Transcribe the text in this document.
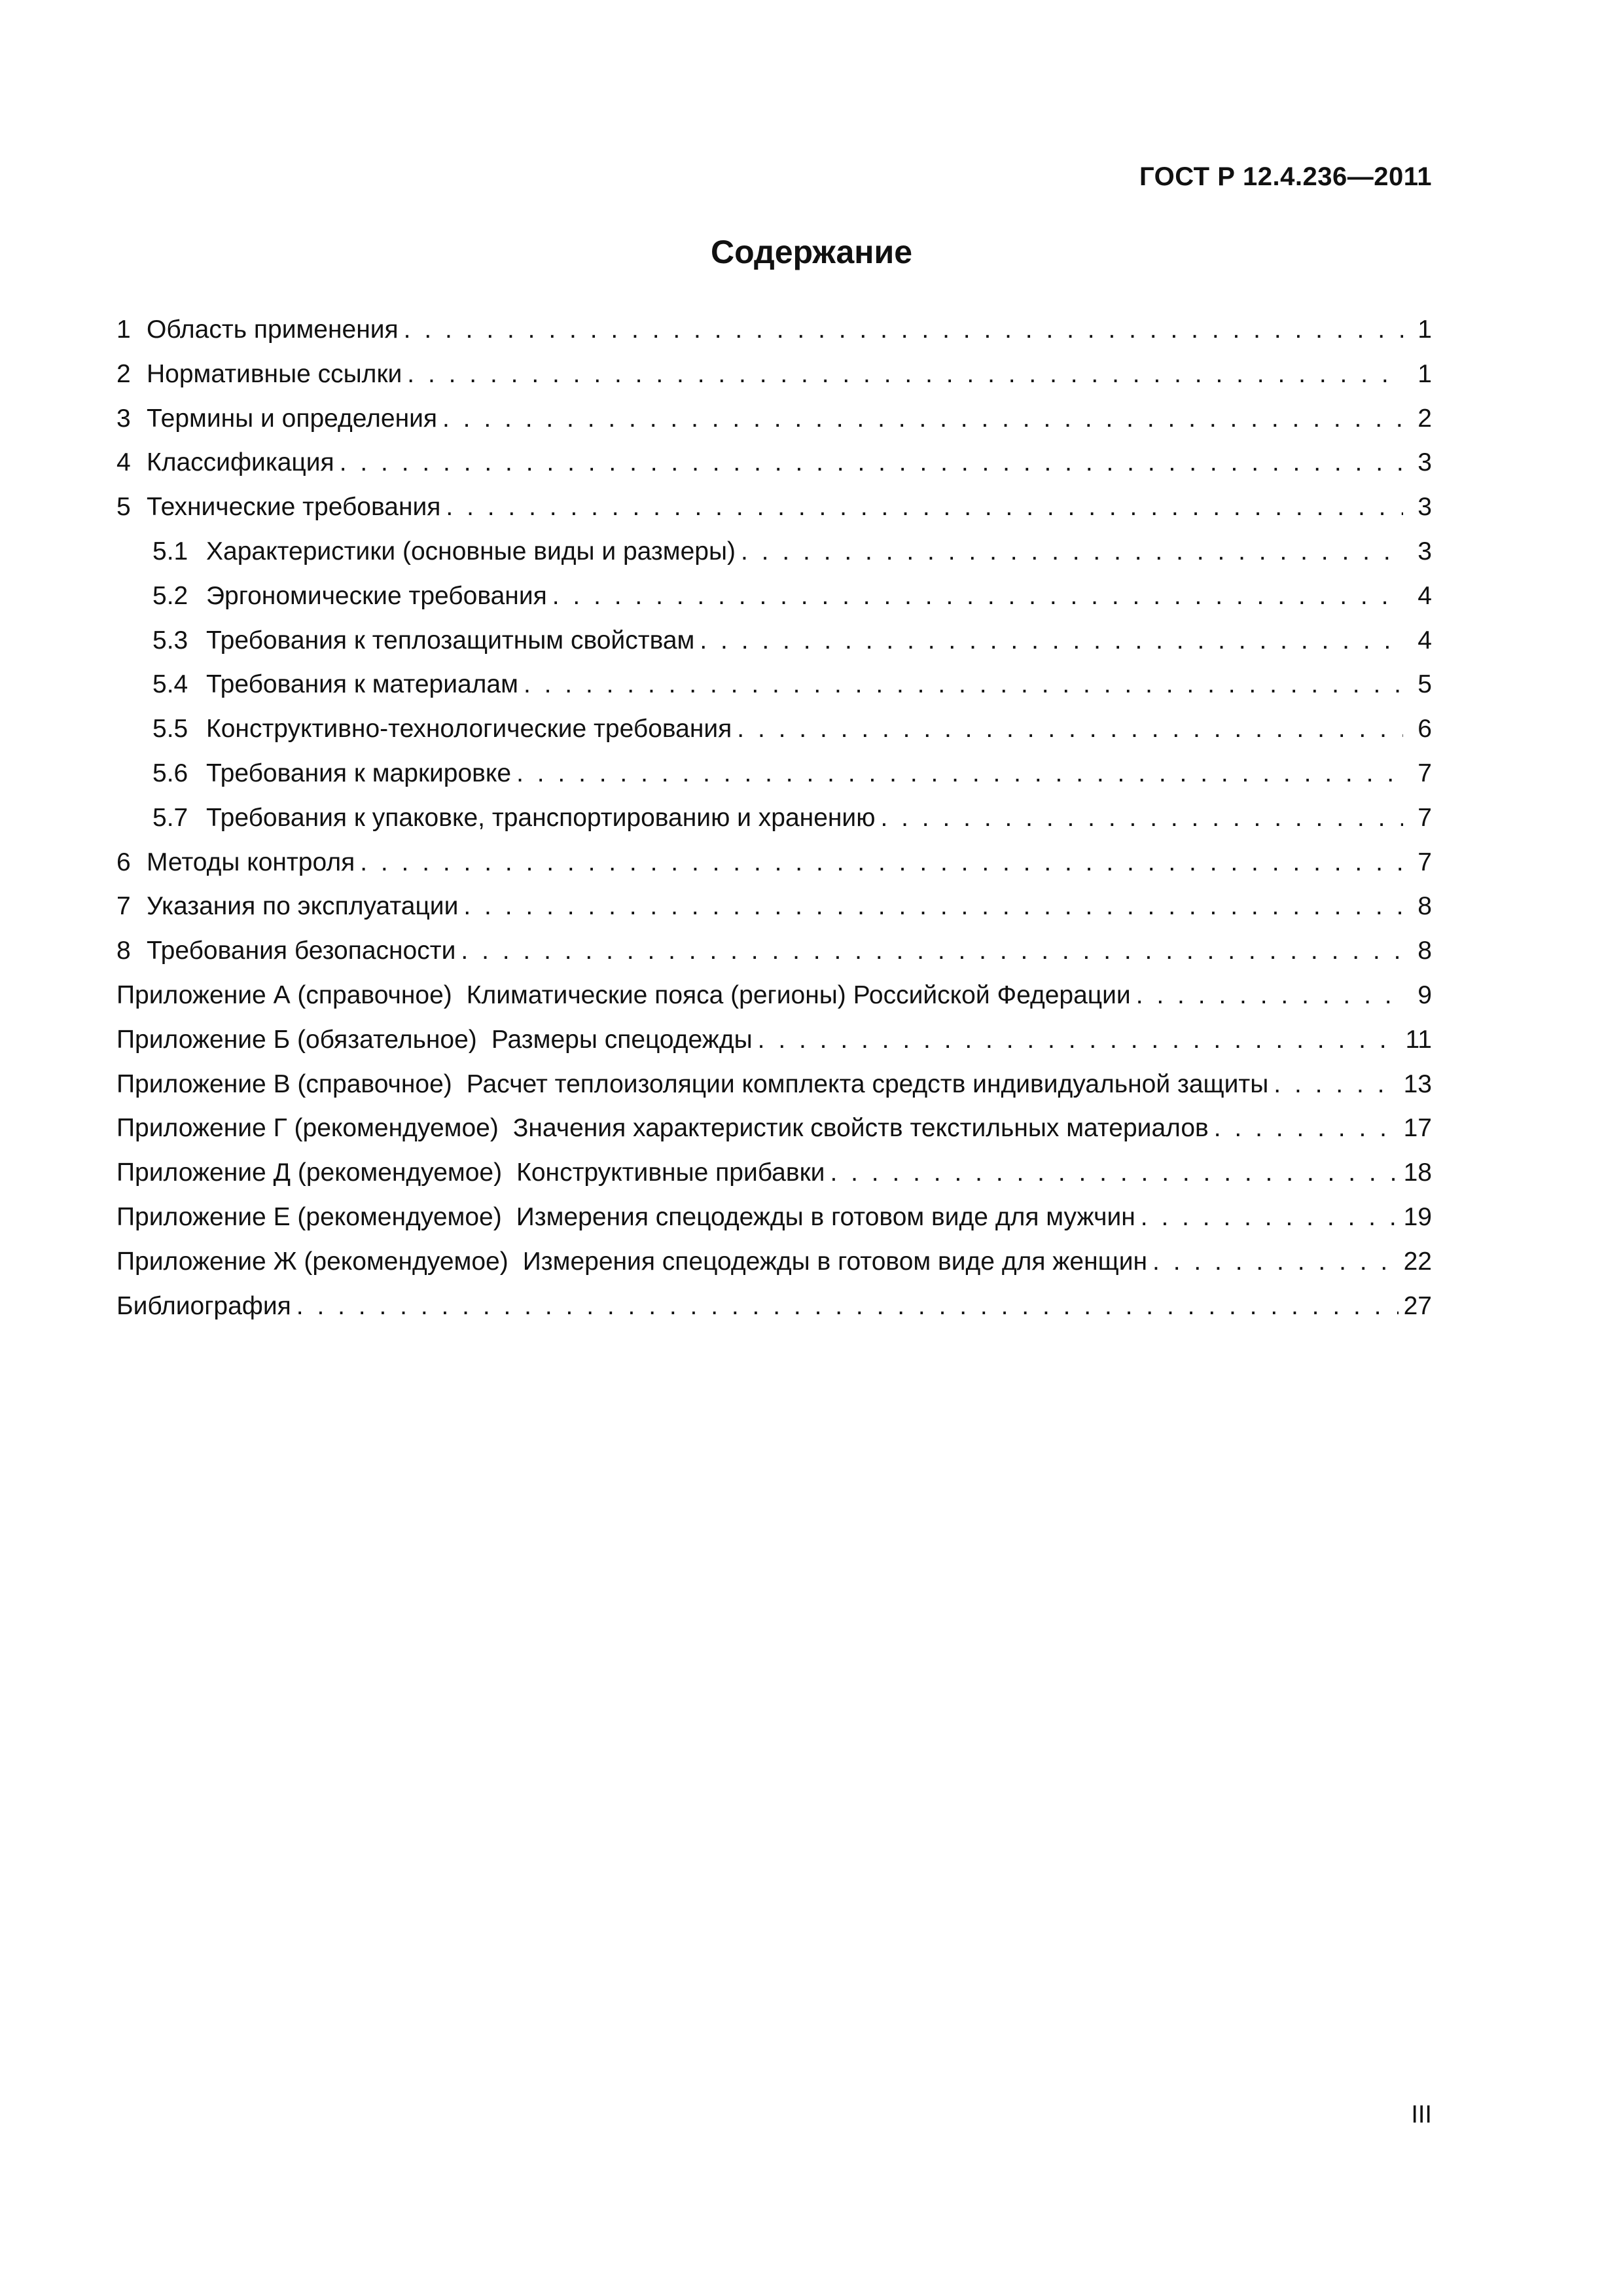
ГОСТ Р 12.4.236—2011
Содержание
1 Область применения . . .	1
2 Нормативные ссылки . . .	1
3 Термины и определения . . .	2
4 Классификация . . .	3
5 Технические требования . . .	3
5.1 Характеристики (основные виды и размеры) . . .	3
5.2 Эргономические требования . . .	4
5.3 Требования к теплозащитным свойствам . . .	4
5.4 Требования к материалам . . .	5
5.5 Конструктивно-технологические требования . . .	6
5.6 Требования к маркировке . . .	7
5.7 Требования к упаковке, транспортированию и хранению . . .	7
6 Методы контроля . . .	7
7 Указания по эксплуатации . . .	8
8 Требования безопасности . . .	8
Приложение А (справочное) Климатические пояса (регионы) Российской Федерации . . .	9
Приложение Б (обязательное) Размеры спецодежды . . .	11
Приложение В (справочное) Расчет теплоизоляции комплекта средств индивидуальной защиты . . .	13
Приложение Г (рекомендуемое) Значения характеристик свойств текстильных материалов . . .	17
Приложение Д (рекомендуемое) Конструктивные прибавки . . .	18
Приложение Е (рекомендуемое) Измерения спецодежды в готовом виде для мужчин . . .	19
Приложение Ж (рекомендуемое) Измерения спецодежды в готовом виде для женщин . . .	22
Библиография . . .	27
III
